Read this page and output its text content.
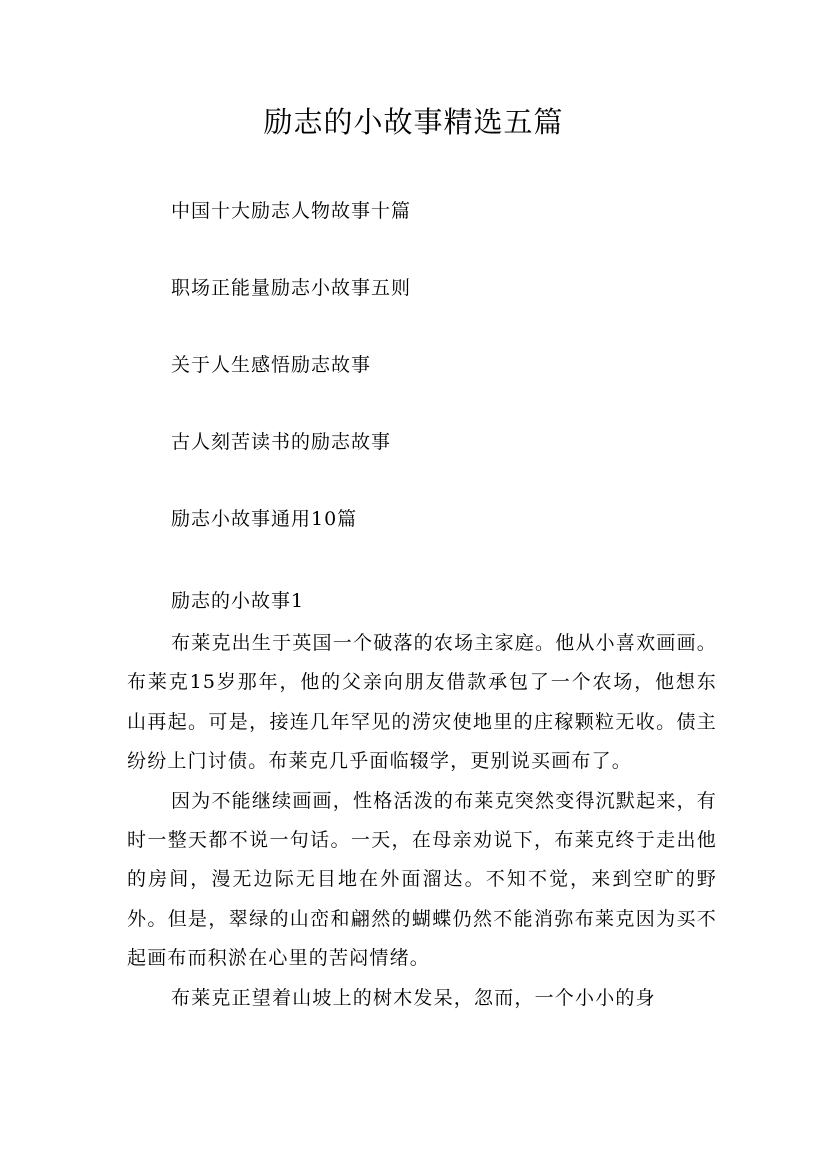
励志的小故事精选五篇
中国十大励志人物故事十篇
职场正能量励志小故事五则
关于人生感悟励志故事
古人刻苦读书的励志故事
励志小故事通用10篇
励志的小故事1

布莱克出生于英国一个破落的农场主家庭。他从小喜欢画画。布莱克15岁那年，他的父亲向朋友借款承包了一个农场，他想东山再起。可是，接连几年罕见的涝灾使地里的庄稼颗粒无收。债主纷纷上门讨债。布莱克几乎面临辍学，更别说买画布了。

因为不能继续画画，性格活泼的布莱克突然变得沉默起来，有时一整天都不说一句话。一天，在母亲劝说下，布莱克终于走出他的房间，漫无边际无目地在外面溜达。不知不觉，来到空旷的野外。但是，翠绿的山峦和翩然的蝴蝶仍然不能消弥布莱克因为买不起画布而积淤在心里的苦闷情绪。

布莱克正望着山坡上的树木发呆，忽而，一个小小的身
